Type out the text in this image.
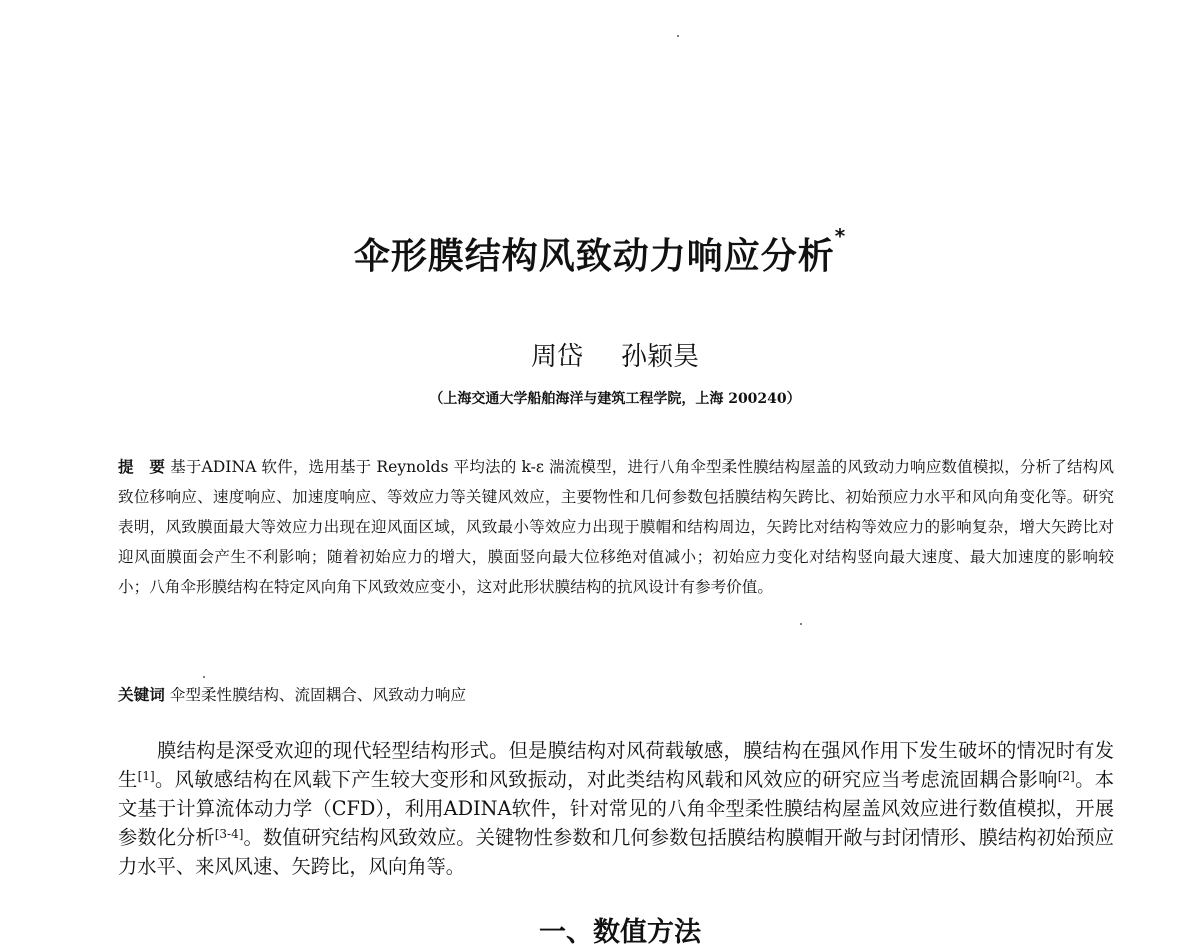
伞形膜结构风致动力响应分析*
周岱 孙颖昊
（上海交通大学船舶海洋与建筑工程学院，上海 200240）
提　要 基于ADINA 软件，选用基于 Reynolds 平均法的 k-ε 湍流模型，进行八角伞型柔性膜结构屋盖的风致动力响应数值模拟，分析了结构风致位移响应、速度响应、加速度响应、等效应力等关键风效应，主要物性和几何参数包括膜结构矢跨比、初始预应力水平和风向角变化等。研究表明，风致膜面最大等效应力出现在迎风面区域，风致最小等效应力出现于膜帽和结构周边，矢跨比对结构等效应力的影响复杂，增大矢跨比对迎风面膜面会产生不利影响；随着初始应力的增大，膜面竖向最大位移绝对值减小；初始应力变化对结构竖向最大速度、最大加速度的影响较小；八角伞形膜结构在特定风向角下风致效应变小，这对此形状膜结构的抗风设计有参考价值。
关键词 伞型柔性膜结构、流固耦合、风致动力响应
膜结构是深受欢迎的现代轻型结构形式。但是膜结构对风荷载敏感，膜结构在强风作用下发生破坏的情况时有发生[1]。风敏感结构在风载下产生较大变形和风致振动，对此类结构风载和风效应的研究应当考虑流固耦合影响[2]。本文基于计算流体动力学（CFD），利用ADINA软件，针对常见的八角伞型柔性膜结构屋盖风效应进行数值模拟，开展参数化分析[3-4]。数值研究结构风致效应。关键物性参数和几何参数包括膜结构膜帽开敞与封闭情形、膜结构初始预应力水平、来风风速、矢跨比，风向角等。
一、数值方法
